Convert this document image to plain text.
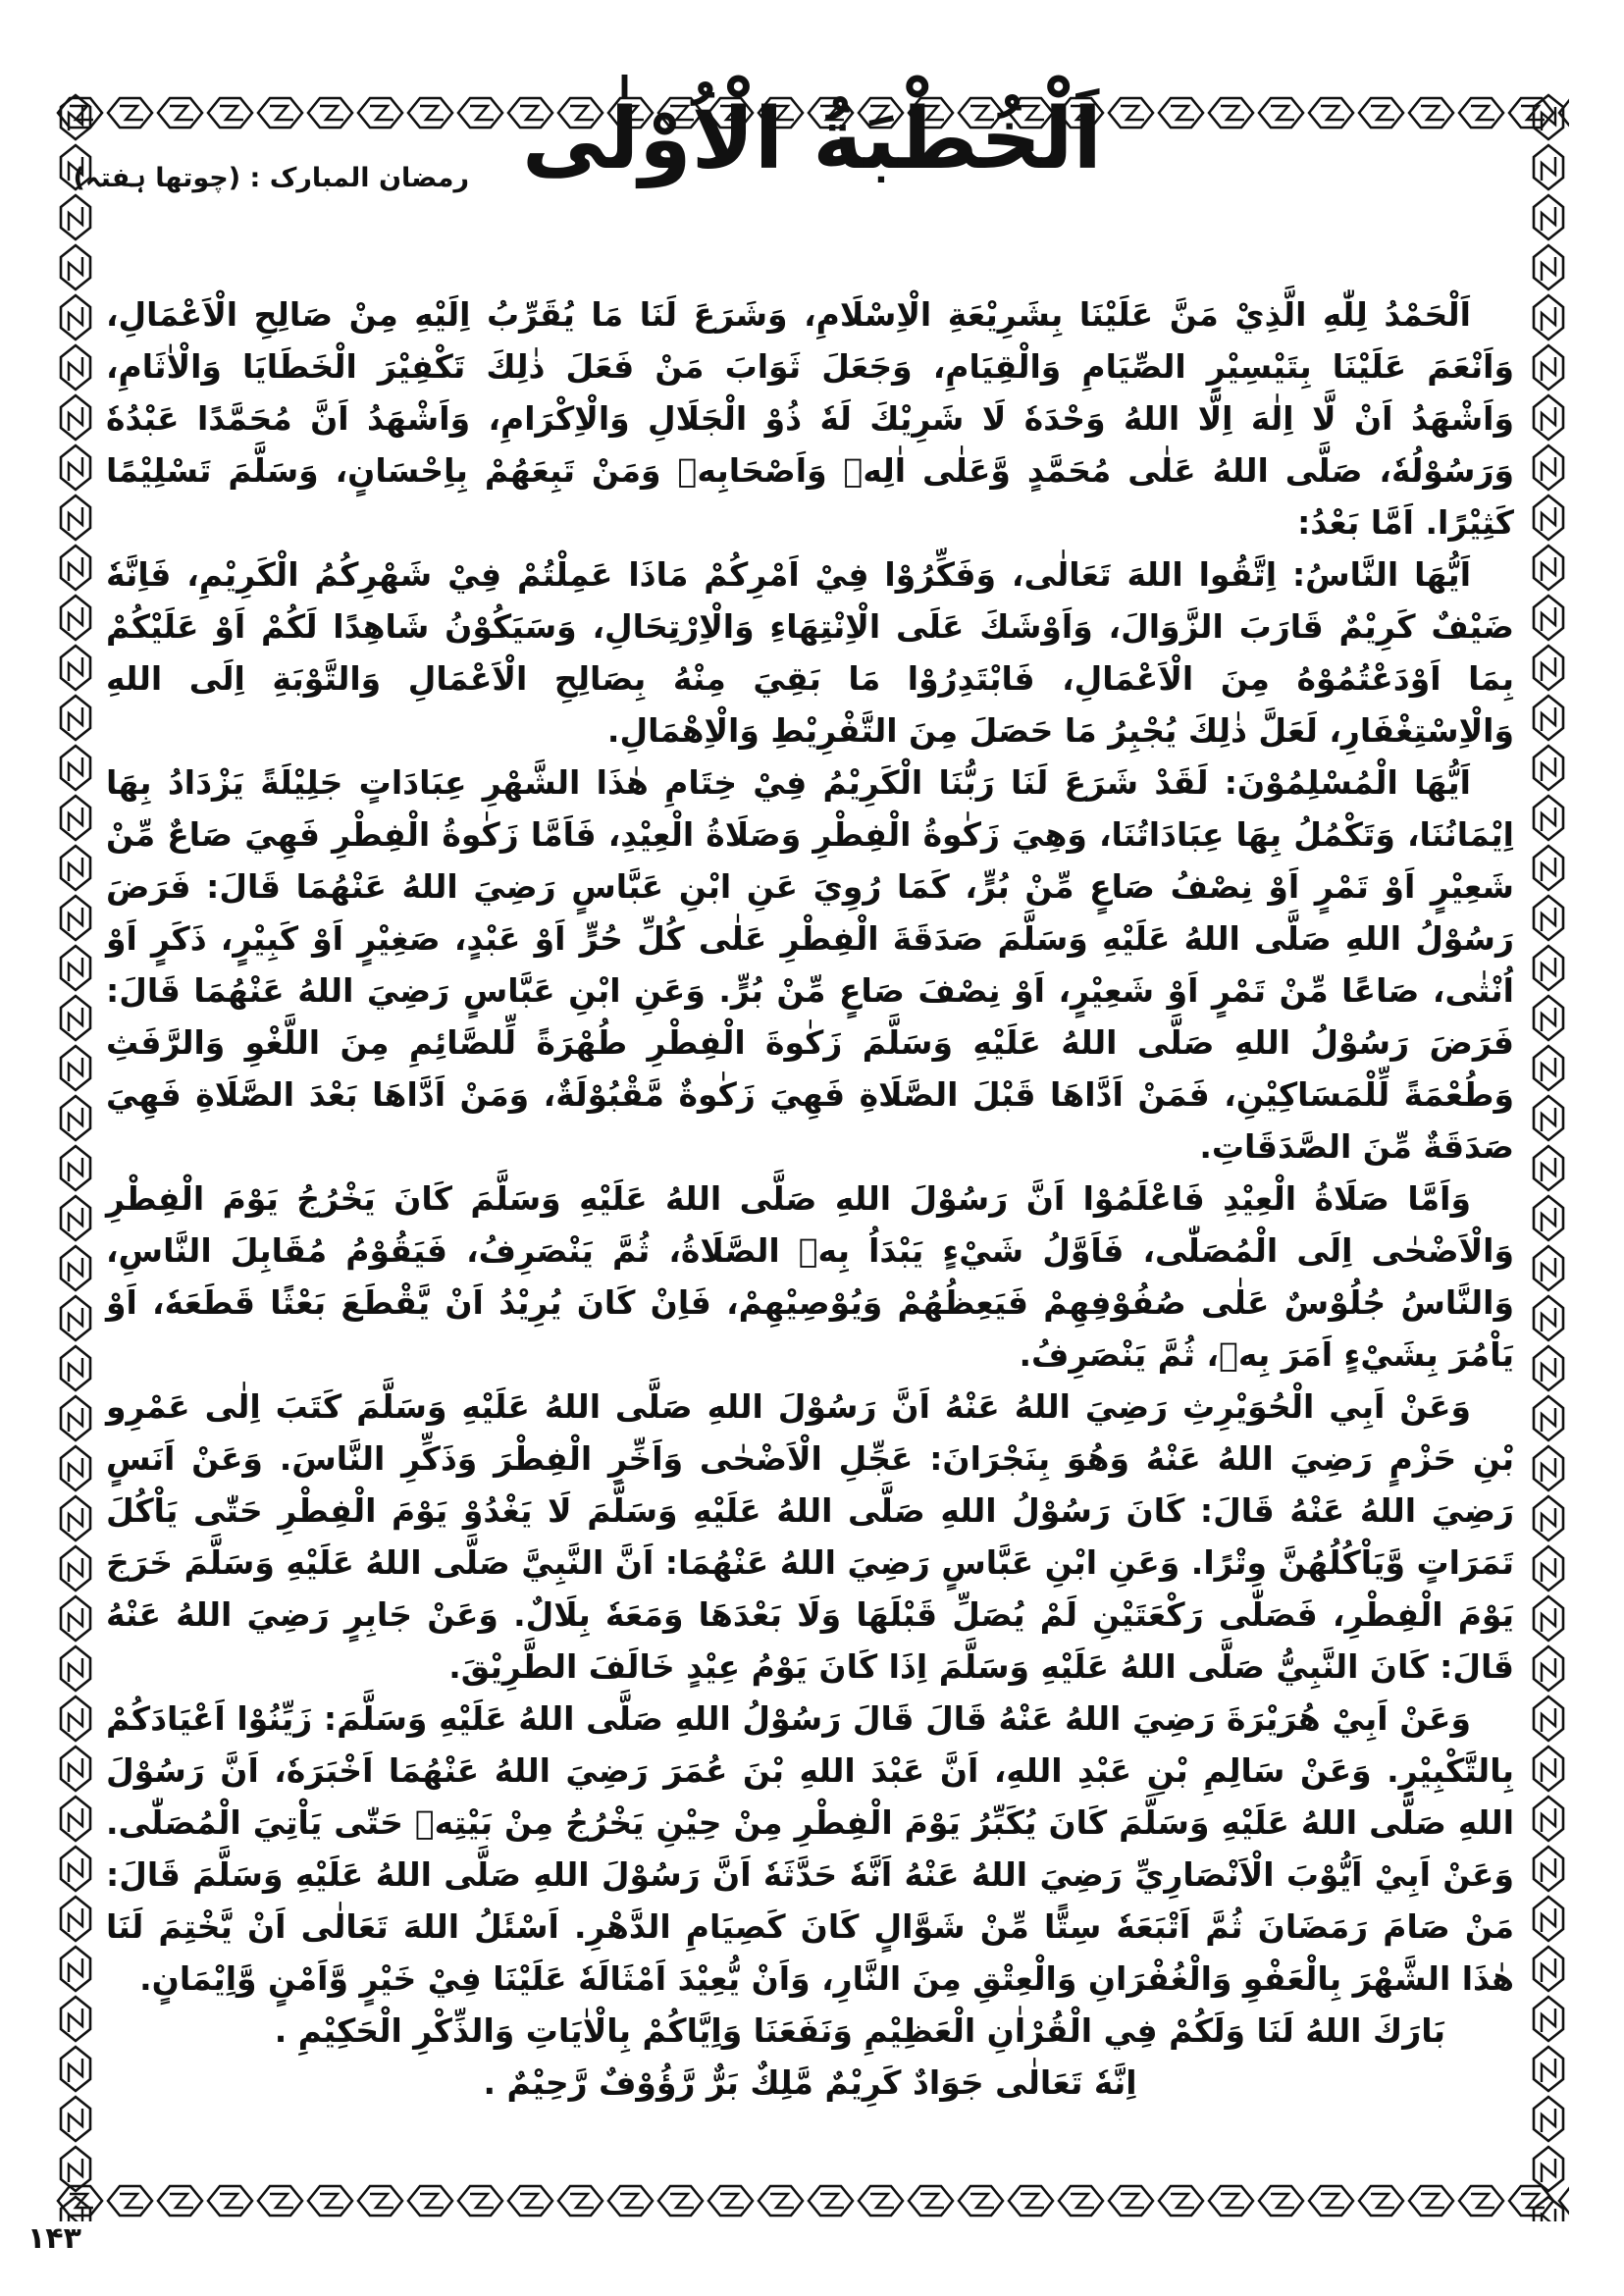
رمضان المبارک : (چوتھا ہفتہ) اَلْخُطْبَةُ الْاُوْلٰى

اَلْحَمْدُ لِلّٰهِ الَّذِيْ مَنَّ عَلَيْنَا بِشَرِيْعَةِ الْاِسْلَامِ، وَشَرَعَ لَنَا مَا يُقَرِّبُ اِلَيْهِ مِنْ صَالِحِ الْاَعْمَالِ، وَاَنْعَمَ عَلَيْنَا بِتَيْسِيْرِ الصِّيَامِ وَالْقِيَامِ، وَجَعَلَ ثَوَابَ مَنْ فَعَلَ ذٰلِكَ تَكْفِيْرَ الْخَطَايَا وَالْاٰثَامِ، وَاَشْهَدُ اَنْ لَّا اِلٰهَ اِلَّا اللهُ وَحْدَهٗ لَا شَرِيْكَ لَهٗ ذُوْ الْجَلَالِ وَالْاِكْرَامِ، وَاَشْهَدُ اَنَّ مُحَمَّدًا عَبْدُهٗ وَرَسُوْلُهٗ، صَلَّى اللهُ عَلٰى مُحَمَّدٍ وَّعَلٰى اٰلِهٖ وَاَصْحَابِهٖ وَمَنْ تَبِعَهُمْ بِاِحْسَانٍ، وَسَلَّمَ تَسْلِيْمًا كَثِيْرًا. اَمَّا بَعْدُ:

اَيُّهَا النَّاسُ: اِتَّقُوا اللهَ تَعَالٰى، وَفَكِّرُوْا فِيْ اَمْرِكُمْ مَاذَا عَمِلْتُمْ فِيْ شَهْرِكُمُ الْكَرِيْمِ، فَاِنَّهٗ ضَيْفٌ كَرِيْمٌ قَارَبَ الزَّوَالَ، وَاَوْشَكَ عَلَى الْاِنْتِهَاءِ وَالْاِرْتِحَالِ، وَسَيَكُوْنُ شَاهِدًا لَكُمْ اَوْ عَلَيْكُمْ بِمَا اَوْدَعْتُمُوْهُ مِنَ الْاَعْمَالِ، فَابْتَدِرُوْا مَا بَقِيَ مِنْهُ بِصَالِحِ الْاَعْمَالِ وَالتَّوْبَةِ اِلَى اللهِ وَالْاِسْتِغْفَارِ، لَعَلَّ ذٰلِكَ يُجْبِرُ مَا حَصَلَ مِنَ التَّفْرِيْطِ وَالْاِهْمَالِ.

اَيُّهَا الْمُسْلِمُوْنَ: لَقَدْ شَرَعَ لَنَا رَبُّنَا الْكَرِيْمُ فِيْ خِتَامِ هٰذَا الشَّهْرِ عِبَادَاتٍ جَلِيْلَةً يَزْدَادُ بِهَا اِيْمَانُنَا، وَتَكْمُلُ بِهَا عِبَادَاتُنَا، وَهِيَ زَكٰوةُ الْفِطْرِ وَصَلَاةُ الْعِيْدِ، فَاَمَّا زَكٰوةُ الْفِطْرِ فَهِيَ صَاعٌ مِّنْ شَعِيْرٍ اَوْ تَمْرٍ اَوْ نِصْفُ صَاعٍ مِّنْ بُرٍّ، كَمَا رُوِيَ عَنِ ابْنِ عَبَّاسٍ رَضِيَ اللهُ عَنْهُمَا قَالَ: فَرَضَ رَسُوْلُ اللهِ صَلَّى اللهُ عَلَيْهِ وَسَلَّمَ صَدَقَةَ الْفِطْرِ عَلٰى كُلِّ حُرٍّ اَوْ عَبْدٍ، صَغِيْرٍ اَوْ كَبِيْرٍ، ذَكَرٍ اَوْ اُنْثٰى، صَاعًا مِّنْ تَمْرٍ اَوْ شَعِيْرٍ، اَوْ نِصْفَ صَاعٍ مِّنْ بُرٍّ. وَعَنِ ابْنِ عَبَّاسٍ رَضِيَ اللهُ عَنْهُمَا قَالَ: فَرَضَ رَسُوْلُ اللهِ صَلَّى اللهُ عَلَيْهِ وَسَلَّمَ زَكٰوةَ الْفِطْرِ طُهْرَةً لِّلصَّائِمِ مِنَ اللَّغْوِ وَالرَّفَثِ وَطُعْمَةً لِّلْمَسَاكِيْنِ، فَمَنْ اَدَّاهَا قَبْلَ الصَّلَاةِ فَهِيَ زَكٰوةٌ مَّقْبُوْلَةٌ، وَمَنْ اَدَّاهَا بَعْدَ الصَّلَاةِ فَهِيَ صَدَقَةٌ مِّنَ الصَّدَقَاتِ.

وَاَمَّا صَلَاةُ الْعِيْدِ فَاعْلَمُوْا اَنَّ رَسُوْلَ اللهِ صَلَّى اللهُ عَلَيْهِ وَسَلَّمَ كَانَ يَخْرُجُ يَوْمَ الْفِطْرِ وَالْاَضْحٰى اِلَى الْمُصَلّٰى، فَاَوَّلُ شَيْءٍ يَبْدَاُ بِهٖ الصَّلَاةُ، ثُمَّ يَنْصَرِفُ، فَيَقُوْمُ مُقَابِلَ النَّاسِ، وَالنَّاسُ جُلُوْسٌ عَلٰى صُفُوْفِهِمْ فَيَعِظُهُمْ وَيُوْصِيْهِمْ، فَاِنْ كَانَ يُرِيْدُ اَنْ يَّقْطَعَ بَعْثًا قَطَعَهٗ، اَوْ يَاْمُرَ بِشَيْءٍ اَمَرَ بِهٖ، ثُمَّ يَنْصَرِفُ.

وَعَنْ اَبِي الْحُوَيْرِثِ رَضِيَ اللهُ عَنْهُ اَنَّ رَسُوْلَ اللهِ صَلَّى اللهُ عَلَيْهِ وَسَلَّمَ كَتَبَ اِلٰى عَمْرِو بْنِ حَزْمٍ رَضِيَ اللهُ عَنْهُ وَهُوَ بِنَجْرَانَ: عَجِّلِ الْاَضْحٰى وَاَخِّرِ الْفِطْرَ وَذَكِّرِ النَّاسَ. وَعَنْ اَنَسٍ رَضِيَ اللهُ عَنْهُ قَالَ: كَانَ رَسُوْلُ اللهِ صَلَّى اللهُ عَلَيْهِ وَسَلَّمَ لَا يَغْدُوْ يَوْمَ الْفِطْرِ حَتّٰى يَاْكُلَ تَمَرَاتٍ وَّيَاْكُلُهُنَّ وِتْرًا. وَعَنِ ابْنِ عَبَّاسٍ رَضِيَ اللهُ عَنْهُمَا: اَنَّ النَّبِيَّ صَلَّى اللهُ عَلَيْهِ وَسَلَّمَ خَرَجَ يَوْمَ الْفِطْرِ، فَصَلّٰى رَكْعَتَيْنِ لَمْ يُصَلِّ قَبْلَهَا وَلَا بَعْدَهَا وَمَعَهٗ بِلَالٌ. وَعَنْ جَابِرٍ رَضِيَ اللهُ عَنْهُ قَالَ: كَانَ النَّبِيُّ صَلَّى اللهُ عَلَيْهِ وَسَلَّمَ اِذَا كَانَ يَوْمُ عِيْدٍ خَالَفَ الطَّرِيْقَ.

وَعَنْ اَبِيْ هُرَيْرَةَ رَضِيَ اللهُ عَنْهُ قَالَ قَالَ رَسُوْلُ اللهِ صَلَّى اللهُ عَلَيْهِ وَسَلَّمَ: زَيِّنُوْا اَعْيَادَكُمْ بِالتَّكْبِيْرِ. وَعَنْ سَالِمِ بْنِ عَبْدِ اللهِ، اَنَّ عَبْدَ اللهِ بْنَ عُمَرَ رَضِيَ اللهُ عَنْهُمَا اَخْبَرَهٗ، اَنَّ رَسُوْلَ اللهِ صَلَّى اللهُ عَلَيْهِ وَسَلَّمَ كَانَ يُكَبِّرُ يَوْمَ الْفِطْرِ مِنْ حِيْنِ يَخْرُجُ مِنْ بَيْتِهٖ حَتّٰى يَاْتِيَ الْمُصَلّٰى. وَعَنْ اَبِيْ اَيُّوْبَ الْاَنْصَارِيِّ رَضِيَ اللهُ عَنْهُ اَنَّهٗ حَدَّثَهٗ اَنَّ رَسُوْلَ اللهِ صَلَّى اللهُ عَلَيْهِ وَسَلَّمَ قَالَ: مَنْ صَامَ رَمَضَانَ ثُمَّ اَتْبَعَهٗ سِتًّا مِّنْ شَوَّالٍ كَانَ كَصِيَامِ الدَّهْرِ. اَسْئَلُ اللهَ تَعَالٰى اَنْ يَّخْتِمَ لَنَا هٰذَا الشَّهْرَ بِالْعَفْوِ وَالْغُفْرَانِ وَالْعِتْقِ مِنَ النَّارِ، وَاَنْ يُّعِيْدَ اَمْثَالَهٗ عَلَيْنَا فِيْ خَيْرٍ وَّاَمْنٍ وَّاِيْمَانٍ.

بَارَكَ اللهُ لَنَا وَلَكُمْ فِي الْقُرْاٰنِ الْعَظِيْمِ وَنَفَعَنَا وَاِيَّاكُمْ بِالْاٰيَاتِ وَالذِّكْرِ الْحَكِيْمِ .

اِنَّهٗ تَعَالٰى جَوَادٌ كَرِيْمٌ مَّلِكٌ بَرٌّ رَّؤُوْفٌ رَّحِيْمٌ .

۱۴۳
